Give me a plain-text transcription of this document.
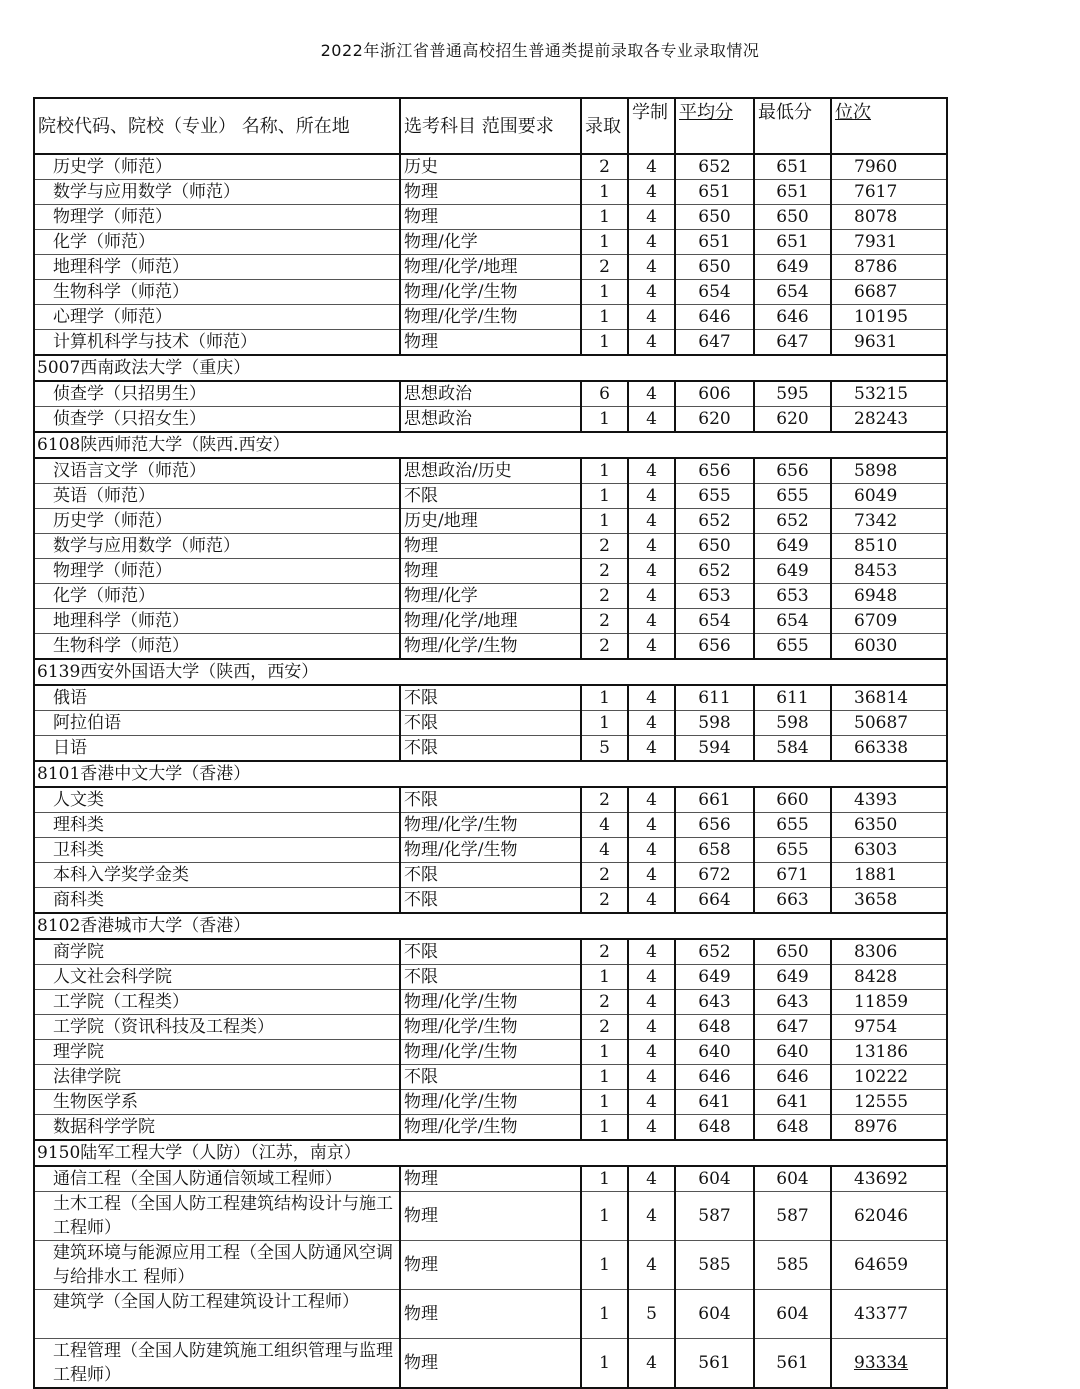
2022年浙江省普通高校招生普通类提前录取各专业录取情况
院校代码、院校（专业） 名称、所在地	选考科目 范围要求	录取	学制	平均分	最低分	位次
历史学（师范）	历史	2	4	652	651	7960
数学与应用数学（师范）	物理	1	4	651	651	7617
物理学（师范）	物理	1	4	650	650	8078
化学（师范）	物理/化学	1	4	651	651	7931
地理科学（师范）	物理/化学/地理	2	4	650	649	8786
生物科学（师范）	物理/化学/生物	1	4	654	654	6687
心理学（师范）	物理/化学/生物	1	4	646	646	10195
计算机科学与技术（师范）	物理	1	4	647	647	9631
5007西南政法大学（重庆）						
侦查学（只招男生）	思想政治	6	4	606	595	53215
侦查学（只招女生）	思想政治	1	4	620	620	28243
6108陕西师范大学（陕西.西安）						
汉语言文学（师范）	思想政治/历史	1	4	656	656	5898
英语（师范）	不限	1	4	655	655	6049
历史学（师范）	历史/地理	1	4	652	652	7342
数学与应用数学（师范）	物理	2	4	650	649	8510
物理学（师范）	物理	2	4	652	649	8453
化学（师范）	物理/化学	2	4	653	653	6948
地理科学（师范）	物理/化学/地理	2	4	654	654	6709
生物科学（师范）	物理/化学/生物	2	4	656	655	6030
6139西安外国语大学（陕西，西安）						
俄语	不限	1	4	611	611	36814
阿拉伯语	不限	1	4	598	598	50687
日语	不限	5	4	594	584	66338
8101香港中文大学（香港）						
人文类	不限	2	4	661	660	4393
理科类	物理/化学/生物	4	4	656	655	6350
卫科类	物理/化学/生物	4	4	658	655	6303
本科入学奖学金类	不限	2	4	672	671	1881
商科类	不限	2	4	664	663	3658
8102香港城市大学（香港）						
商学院	不限	2	4	652	650	8306
人文社会科学院	不限	1	4	649	649	8428
工学院（工程类）	物理/化学/生物	2	4	643	643	11859
工学院（资讯科技及工程类）	物理/化学/生物	2	4	648	647	9754
理学院	物理/化学/生物	1	4	640	640	13186
法律学院	不限	1	4	646	646	10222
生物医学系	物理/化学/生物	1	4	641	641	12555
数据科学学院	物理/化学/生物	1	4	648	648	8976
9150陆军工程大学（人防）（江苏，南京）						
通信工程（全国人防通信领域工程师）	物理	1	4	604	604	43692
土木工程（全国人防工程建筑结构设计与施工工程师）	物理	1	4	587	587	62046
建筑环境与能源应用工程（全国人防通风空调与给排水工 程师）	物理	1	4	585	585	64659
建筑学（全国人防工程建筑设计工程师）	物理	1	5	604	604	43377
工程管理（全国人防建筑施工组织管理与监理工程师）	物理	1	4	561	561	93334
